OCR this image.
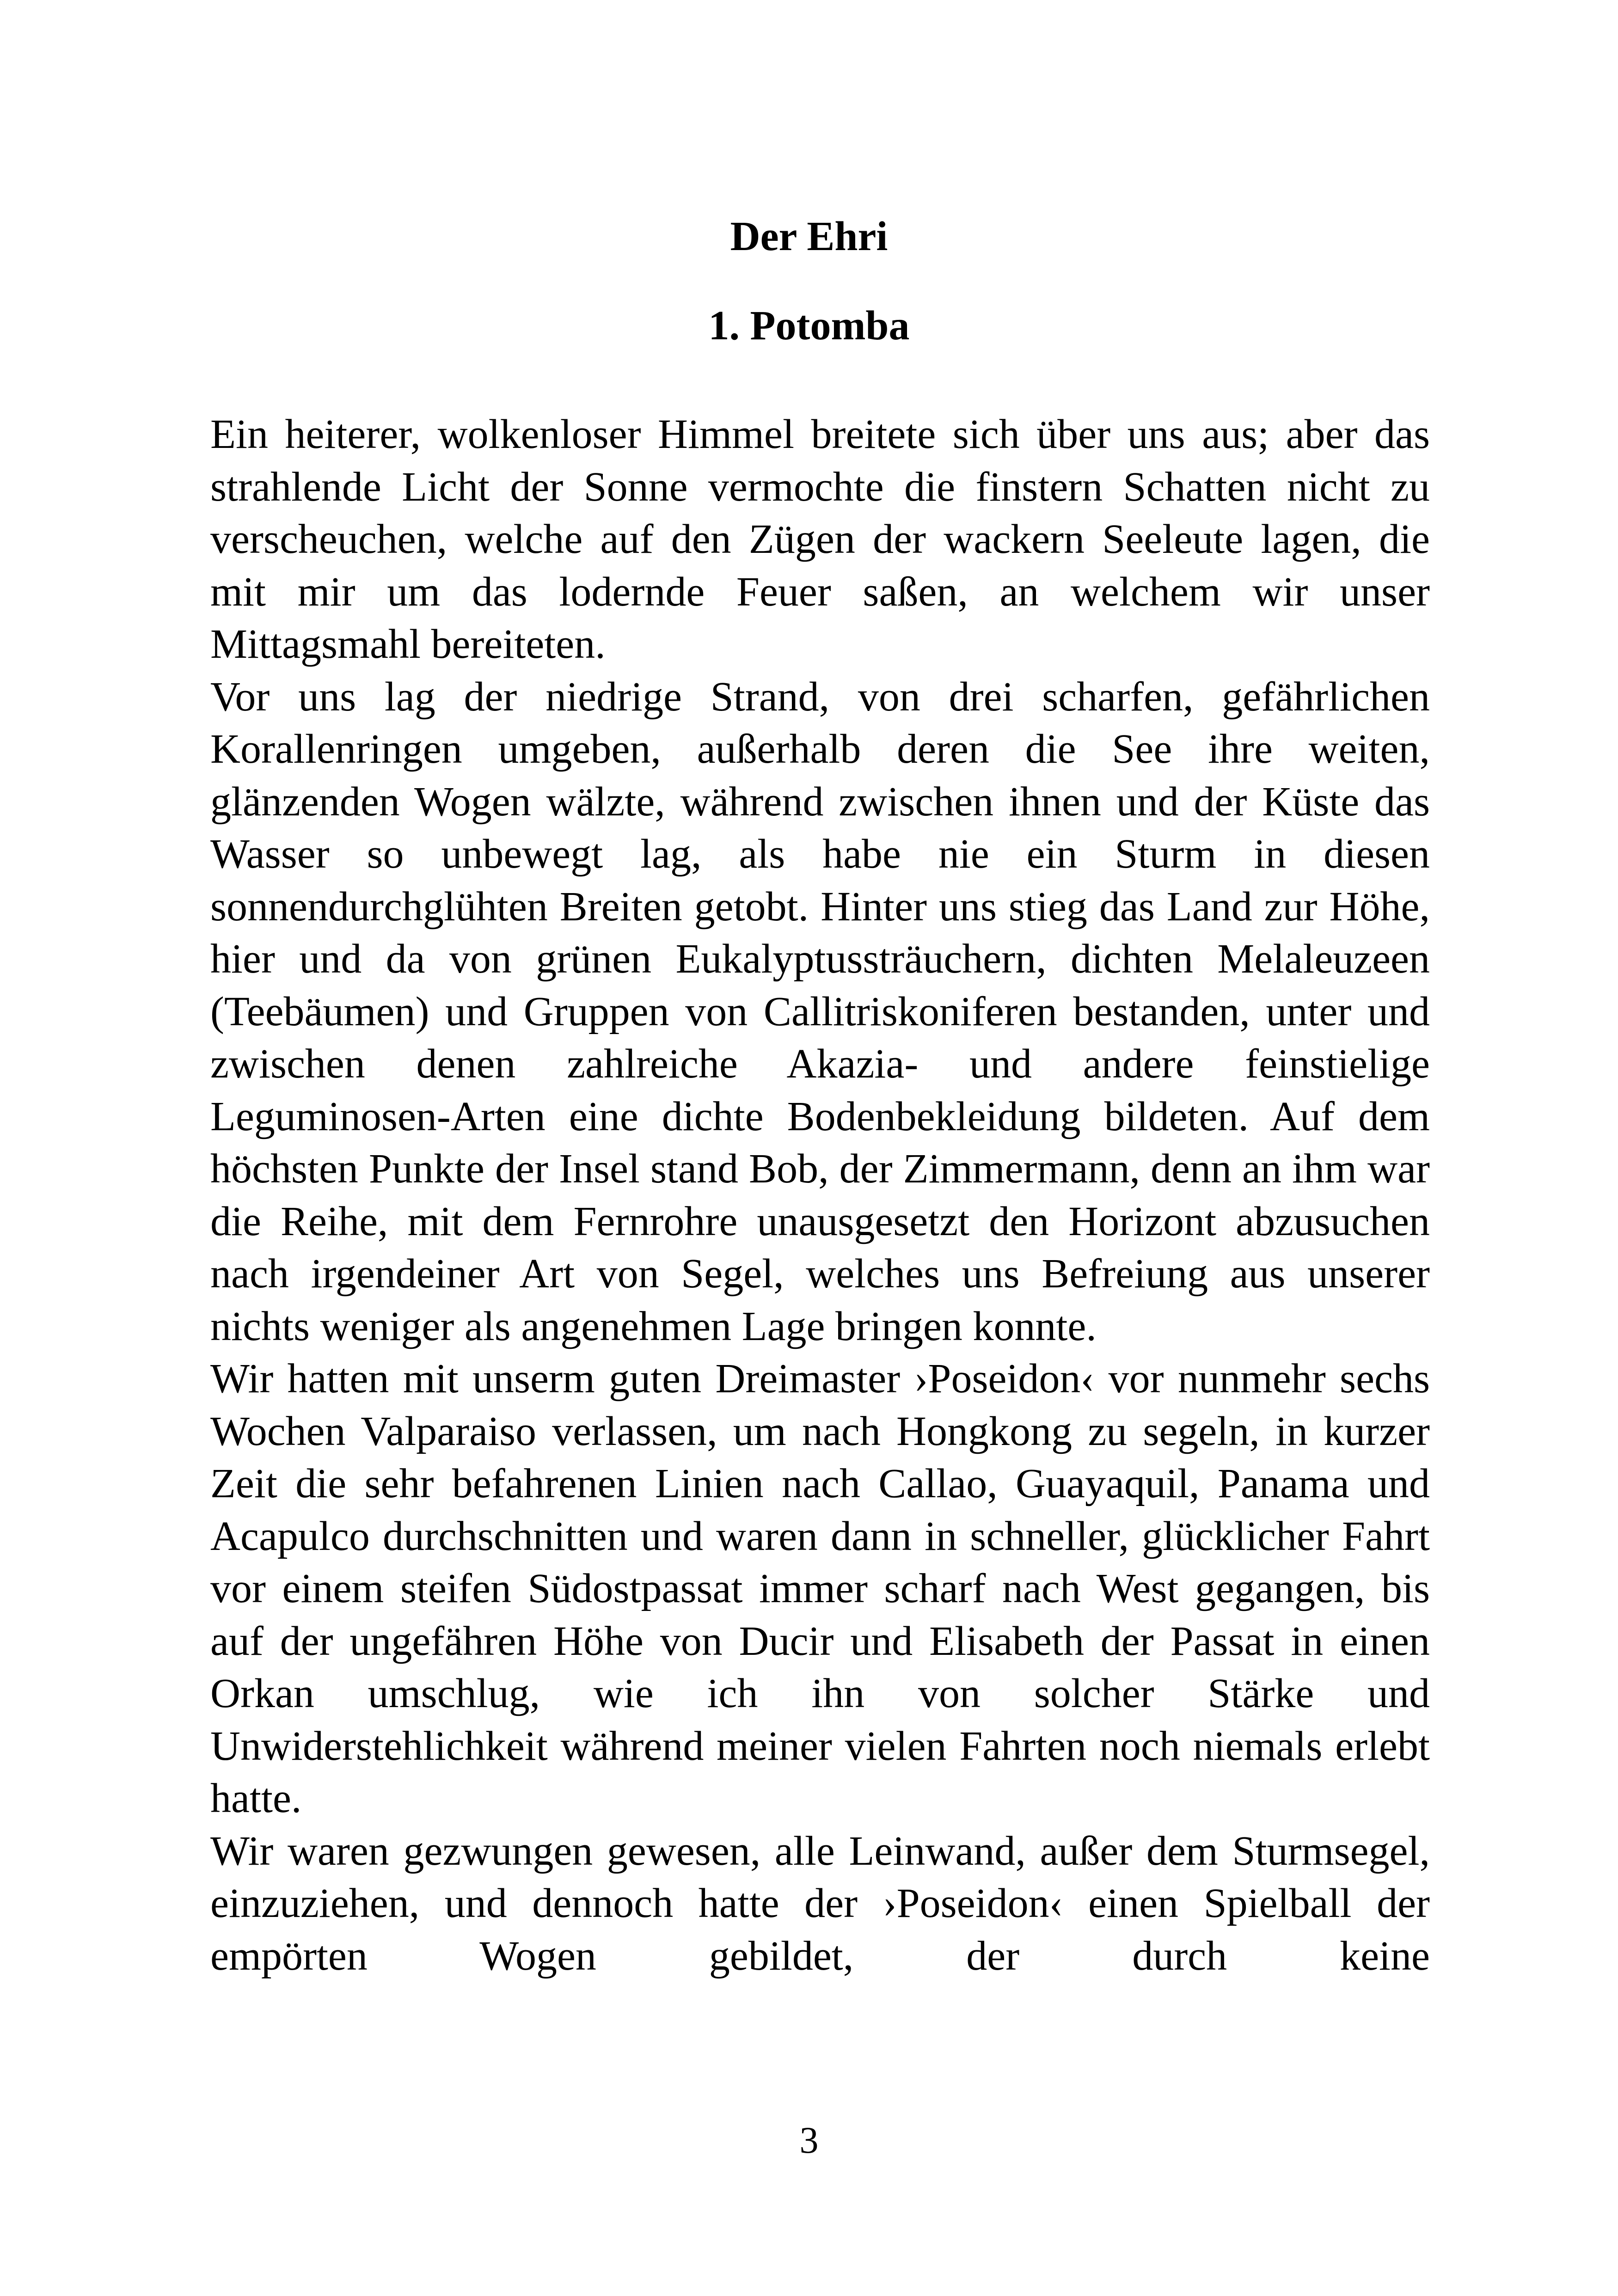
Der Ehri
1. Potomba

Ein heiterer, wolkenloser Himmel breitete sich über uns aus; aber das strahlende Licht der Sonne vermochte die finstern Schatten nicht zu verscheuchen, welche auf den Zügen der wackern Seeleute lagen, die mit mir um das lodernde Feuer saßen, an welchem wir unser Mittagsmahl bereiteten.

Vor uns lag der niedrige Strand, von drei scharfen, gefährlichen Korallenringen umgeben, außerhalb deren die See ihre weiten, glänzenden Wogen wälzte, während zwischen ihnen und der Küste das Wasser so unbewegt lag, als habe nie ein Sturm in diesen sonnendurchglühten Breiten getobt. Hinter uns stieg das Land zur Höhe, hier und da von grünen Eukalyptussträuchern, dichten Melaleuzeen (Teebäumen) und Gruppen von Callitriskoniferen bestanden, unter und zwischen denen zahlreiche Akazia- und andere feinstielige Leguminosen-Arten eine dichte Bodenbekleidung bildeten. Auf dem höchsten Punkte der Insel stand Bob, der Zimmermann, denn an ihm war die Reihe, mit dem Fernrohre unausgesetzt den Horizont abzusuchen nach irgendeiner Art von Segel, welches uns Befreiung aus unserer nichts weniger als angenehmen Lage bringen konnte.

Wir hatten mit unserm guten Dreimaster ›Poseidon‹ vor nunmehr sechs Wochen Valparaiso verlassen, um nach Hongkong zu segeln, in kurzer Zeit die sehr befahrenen Linien nach Callao, Guayaquil, Panama und Acapulco durchschnitten und waren dann in schneller, glücklicher Fahrt vor einem steifen Südostpassat immer scharf nach West gegangen, bis auf der ungefähren Höhe von Ducir und Elisabeth der Passat in einen Orkan umschlug, wie ich ihn von solcher Stärke und Unwiderstehlichkeit während meiner vielen Fahrten noch niemals erlebt hatte.

Wir waren gezwungen gewesen, alle Leinwand, außer dem Sturmsegel, einzuziehen, und dennoch hatte der ›Poseidon‹ einen Spielball der empörten Wogen gebildet, der durch keine

3
